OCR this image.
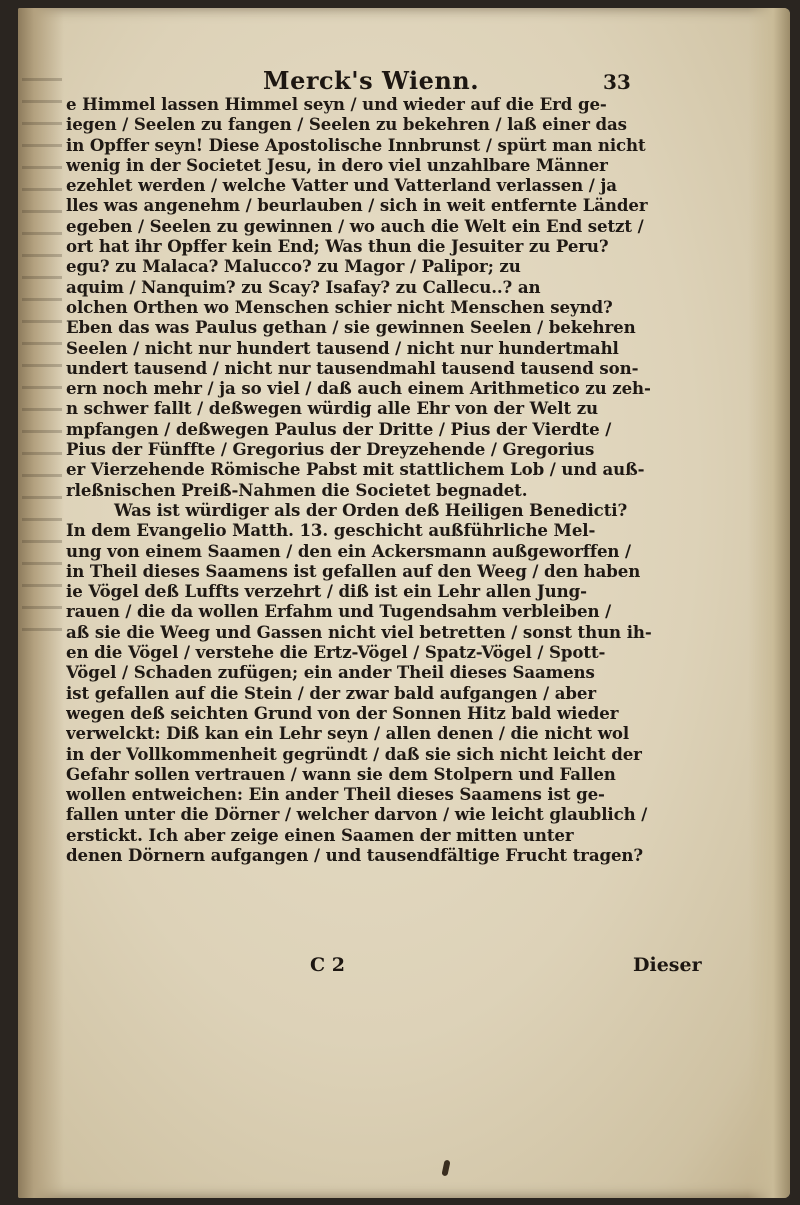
Merck's Wienn.	33
e Himmel lassen Himmel seyn / und wieder auf die Erd ge-
iegen / Seelen zu fangen / Seelen zu bekehren / laß einer das
in Opffer seyn! Diese Apostolische Innbrunst / spürt man nicht
wenig in der Societet Jesu, in dero viel unzahlbare Männer
ezehlet werden / welche Vatter und Vatterland verlassen / ja
lles was angenehm / beurlauben / sich in weit entfernte Länder
egeben / Seelen zu gewinnen / wo auch die Welt ein End setzt /
ort hat ihr Opffer kein End; Was thun die Jesuiter zu Peru?
egu? zu Malaca? Malucco? zu Magor / Palipor; zu
aquim / Nanquim? zu Scay? Isafay? zu Callecu..? an
olchen Orthen wo Menschen schier nicht Menschen seynd?
Eben das was Paulus gethan / sie gewinnen Seelen / bekehren
Seelen / nicht nur hundert tausend / nicht nur hundertmahl
undert tausend / nicht nur tausendmahl tausend tausend son-
ern noch mehr / ja so viel / daß auch einem Arithmetico zu zeh-
n schwer fallt / deßwegen würdig alle Ehr von der Welt zu
mpfangen / deßwegen Paulus der Dritte / Pius der Vierdte /
Pius der Fünffte / Gregorius der Dreyzehende / Gregorius
er Vierzehende Römische Pabst mit stattlichem Lob / und auß-
rleßnischen Preiß-Nahmen die Societet begnadet.
Was ist würdiger als der Orden deß Heiligen Benedicti?
In dem Evangelio Matth. 13. geschicht außführliche Mel-
ung von einem Saamen / den ein Ackersmann außgeworffen /
in Theil dieses Saamens ist gefallen auf den Weeg / den haben
ie Vögel deß Luffts verzehrt / diß ist ein Lehr allen Jung-
rauen / die da wollen Erfahm und Tugendsahm verbleiben /
aß sie die Weeg und Gassen nicht viel betretten / sonst thun ih-
en die Vögel / verstehe die Ertz-Vögel / Spatz-Vögel / Spott-
Vögel / Schaden zufügen; ein ander Theil dieses Saamens
ist gefallen auf die Stein / der zwar bald aufgangen / aber
wegen deß seichten Grund von der Sonnen Hitz bald wieder
verwelckt: Diß kan ein Lehr seyn / allen denen / die nicht wol
in der Vollkommenheit gegründt / daß sie sich nicht leicht der
Gefahr sollen vertrauen / wann sie dem Stolpern und Fallen
wollen entweichen: Ein ander Theil dieses Saamens ist ge-
fallen unter die Dörner / welcher darvon / wie leicht glaublich /
erstickt. Ich aber zeige einen Saamen der mitten unter
denen Dörnern aufgangen / und tausendfältige Frucht tragen?
C 2	Dieser
